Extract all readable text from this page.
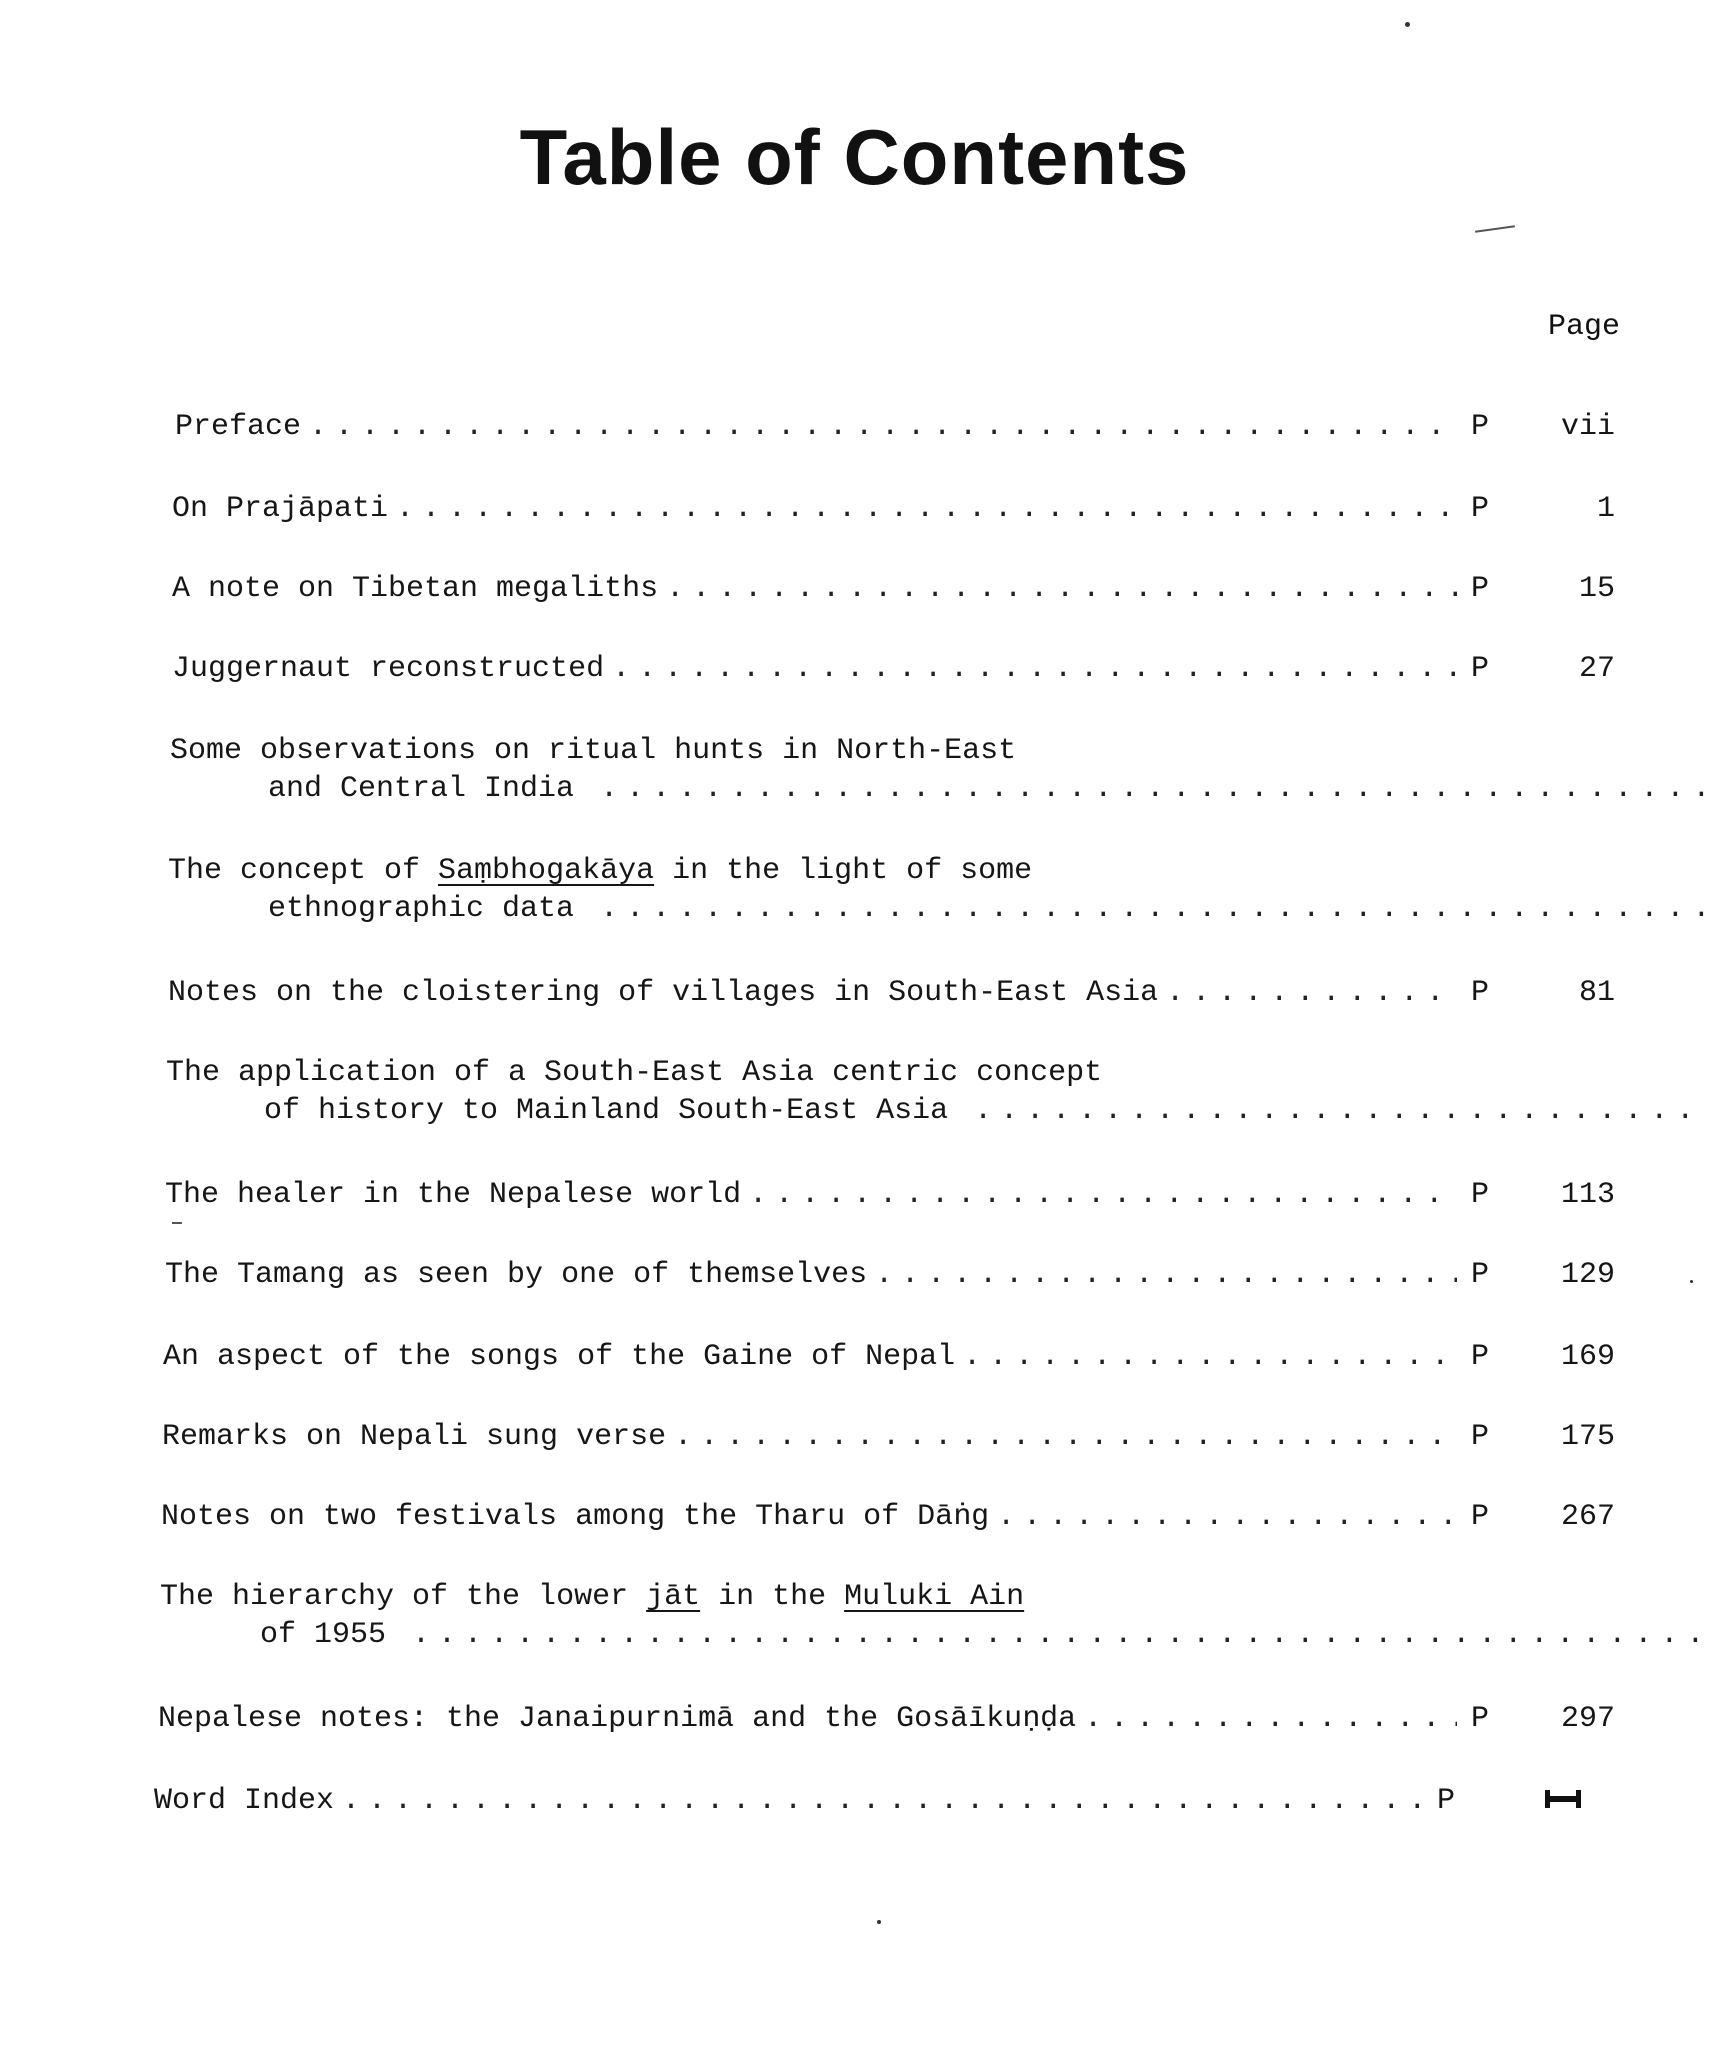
Table of Contents
Page
Preface . . .	P	vii
On Prajāpati . . .	P	1
A note on Tibetan megaliths . . .	P	15
Juggernaut reconstructed . . .	P	27
Some observations on ritual hunts in North-East
and Central India . . .
The concept of Saṃbhogakāya in the light of some
ethnographic data . . .
Notes on the cloistering of villages in South-East Asia . . .	P	81
The application of a South-East Asia centric concept
of history to Mainland South-East Asia . . .
The healer in the Nepalese world . . .	P	113
The Tamang as seen by one of themselves . . .	P	129
An aspect of the songs of the Gaine of Nepal . . .	P	169
Remarks on Nepali sung verse . . .	P	175
Notes on two festivals among the Tharu of Dāṅg . . .	P	267
The hierarchy of the lower jāt in the Muluki Ain
of 1955 . . .
Nepalese notes: the Janaipurnimā and the Gosāīkuṇḍa . . .	P	297
Word Index . . .	P
